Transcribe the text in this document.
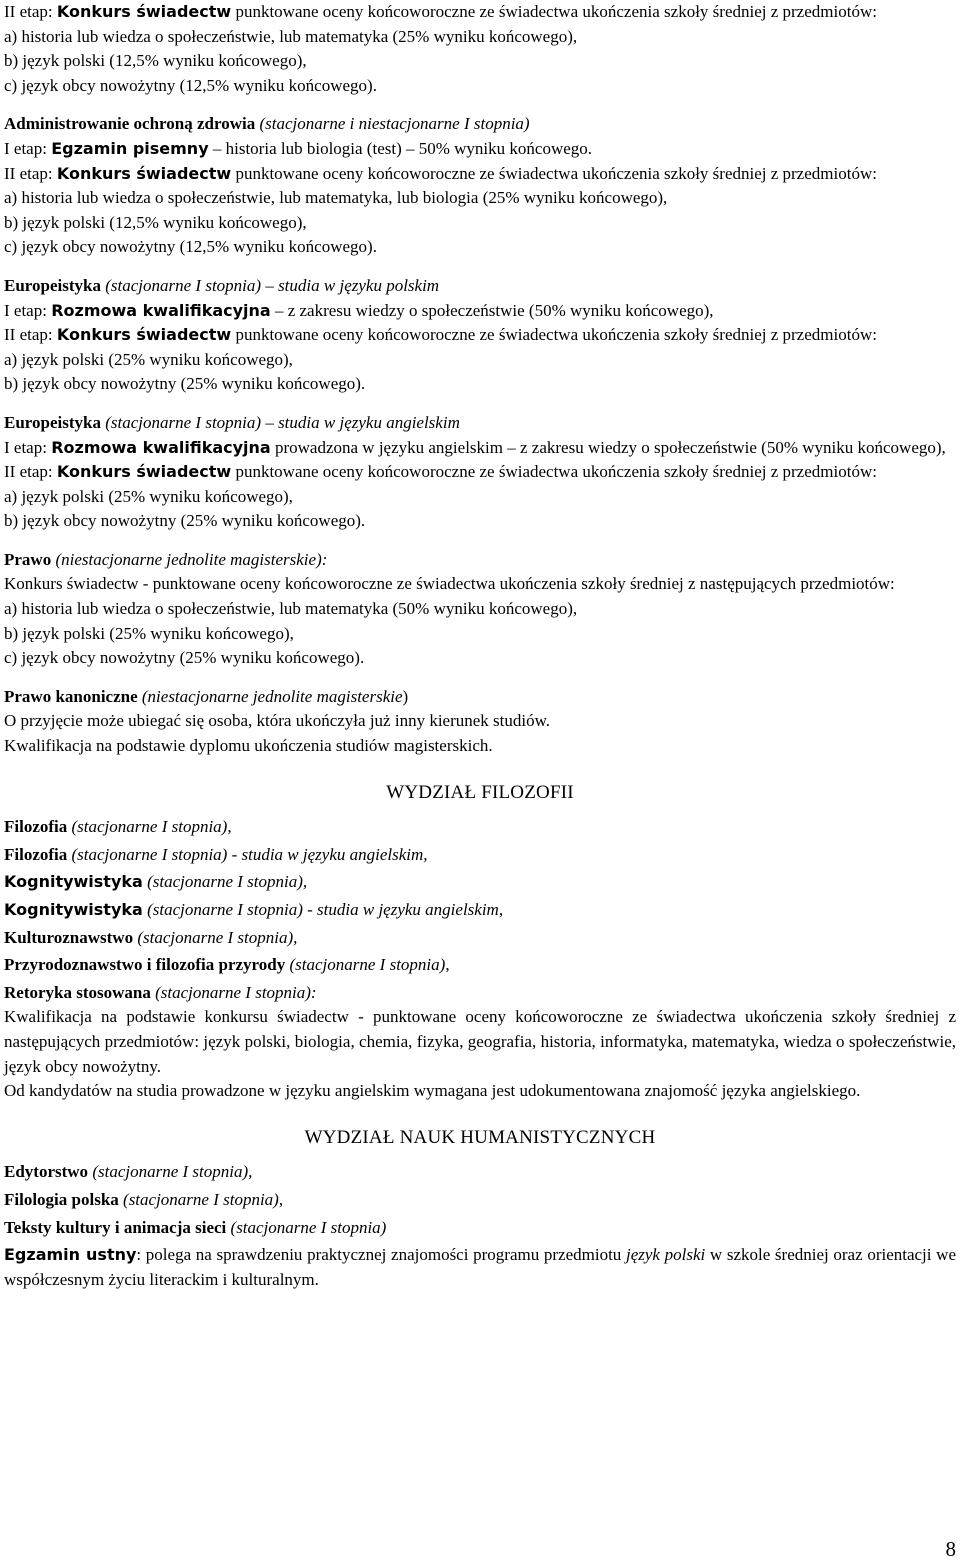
II etap: Konkurs świadectw punktowane oceny końcoworoczne ze świadectwa ukończenia szkoły średniej z przedmiotów:

a) historia lub wiedza o społeczeństwie, lub matematyka (25% wyniku końcowego),

b) język polski (12,5% wyniku końcowego),

c) język obcy nowożytny (12,5% wyniku końcowego).

Administrowanie ochroną zdrowia (stacjonarne i niestacjonarne I stopnia)

I etap: Egzamin pisemny – historia lub biologia (test) – 50% wyniku końcowego.

II etap: Konkurs świadectw punktowane oceny końcoworoczne ze świadectwa ukończenia szkoły średniej z przedmiotów:

a) historia lub wiedza o społeczeństwie, lub matematyka, lub biologia (25% wyniku końcowego),

b) język polski (12,5% wyniku końcowego),

c) język obcy nowożytny (12,5% wyniku końcowego).

Europeistyka (stacjonarne I stopnia) – studia w języku polskim

I etap: Rozmowa kwalifikacyjna – z zakresu wiedzy o społeczeństwie (50% wyniku końcowego),

II etap: Konkurs świadectw punktowane oceny końcoworoczne ze świadectwa ukończenia szkoły średniej z przedmiotów:

a) język polski (25% wyniku końcowego),

b) język obcy nowożytny (25% wyniku końcowego).

Europeistyka (stacjonarne I stopnia) – studia w języku angielskim

I etap: Rozmowa kwalifikacyjna prowadzona w języku angielskim – z zakresu wiedzy o społeczeństwie (50% wyniku końcowego),

II etap: Konkurs świadectw punktowane oceny końcoworoczne ze świadectwa ukończenia szkoły średniej z przedmiotów:

a) język polski (25% wyniku końcowego),

b) język obcy nowożytny (25% wyniku końcowego).

Prawo (niestacjonarne jednolite magisterskie):

Konkurs świadectw - punktowane oceny końcoworoczne ze świadectwa ukończenia szkoły średniej z następujących przedmiotów:

a) historia lub wiedza o społeczeństwie, lub matematyka (50% wyniku końcowego),

b) język polski (25% wyniku końcowego),

c) język obcy nowożytny (25% wyniku końcowego).

Prawo kanoniczne (niestacjonarne jednolite magisterskie)

O przyjęcie może ubiegać się osoba, która ukończyła już inny kierunek studiów.

Kwalifikacja na podstawie dyplomu ukończenia studiów magisterskich.

WYDZIAŁ FILOZOFII

Filozofia (stacjonarne I stopnia),

Filozofia (stacjonarne I stopnia) - studia w języku angielskim,

Kognitywistyka (stacjonarne I stopnia),

Kognitywistyka (stacjonarne I stopnia) - studia w języku angielskim,

Kulturoznawstwo (stacjonarne I stopnia),

Przyrodoznawstwo i filozofia przyrody (stacjonarne I stopnia),

Retoryka stosowana (stacjonarne I stopnia):

Kwalifikacja na podstawie konkursu świadectw - punktowane oceny końcoworoczne ze świadectwa ukończenia szkoły średniej z następujących przedmiotów: język polski, biologia, chemia, fizyka, geografia, historia, informatyka, matematyka, wiedza o społeczeństwie, język obcy nowożytny.

Od kandydatów na studia prowadzone w języku angielskim wymagana jest udokumentowana znajomość języka angielskiego.

WYDZIAŁ NAUK HUMANISTYCZNYCH

Edytorstwo (stacjonarne I stopnia),

Filologia polska (stacjonarne I stopnia),

Teksty kultury i animacja sieci (stacjonarne I stopnia)

Egzamin ustny: polega na sprawdzeniu praktycznej znajomości programu przedmiotu język polski w szkole średniej oraz orientacji we współczesnym życiu literackim i kulturalnym.

8
